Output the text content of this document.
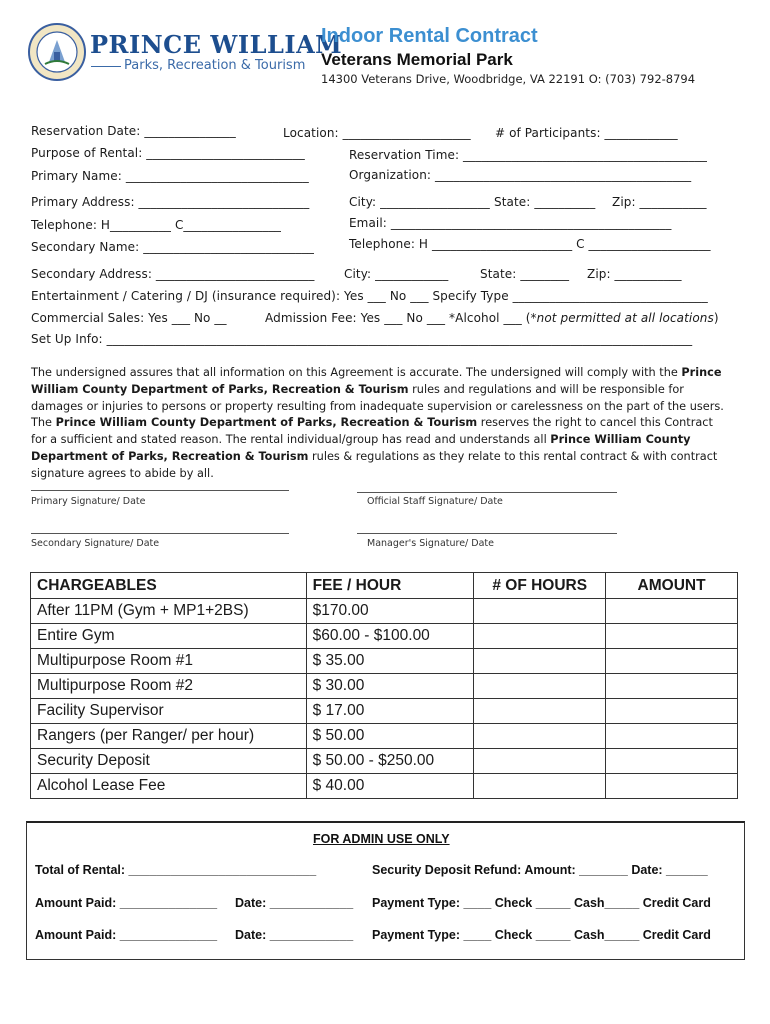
PRINCE WILLIAM
Parks, Recreation & Tourism
Indoor Rental Contract
Veterans Memorial Park
14300 Veterans Drive, Woodbridge, VA 22191 O: (703) 792-8794
Reservation Date: _______________	Location: _____________________ # of Participants: ____________
Purpose of Rental: __________________________	Reservation Time: ________________________________________
Primary Name: ______________________________	Organization: __________________________________________
Primary Address: ____________________________	City: __________________ State: __________ Zip: ___________
Telephone: H__________ C________________	Email: ______________________________________________
Secondary Name: ____________________________	Telephone: H _______________________ C ____________________
Secondary Address: __________________________ City: ____________	State: ________ Zip: ___________
Entertainment / Catering / DJ (insurance required): Yes ___ No ___ Specify Type ________________________________
Commercial Sales: Yes ___ No __	Admission Fee: Yes ___ No ___ *Alcohol ___ (*not permitted at all locations)
Set Up Info: ________________________________________________________________________________________________
The undersigned assures that all information on this Agreement is accurate. The undersigned will comply with the Prince William County Department of Parks, Recreation & Tourism rules and regulations and will be responsible for damages or injuries to persons or property resulting from inadequate supervision or carelessness on the part of the users. The Prince William County Department of Parks, Recreation & Tourism reserves the right to cancel this Contract for a sufficient and stated reason. The rental individual/group has read and understands all Prince William County Department of Parks, Recreation & Tourism rules & regulations as they relate to this rental contract & with contract signature agrees to abide by all.
Primary Signature/ Date	Official Staff Signature/ Date
Secondary Signature/ Date	Manager's Signature/ Date
CHARGEABLES	FEE / HOUR	# OF HOURS	AMOUNT
After 11PM (Gym + MP1+2BS)	$170.00		
Entire Gym	$60.00 - $100.00		
Multipurpose Room #1	$ 35.00		
Multipurpose Room #2	$ 30.00		
Facility Supervisor	$ 17.00		
Rangers (per Ranger/ per hour)	$ 50.00		
Security Deposit	$ 50.00 - $250.00		
Alcohol Lease Fee	$ 40.00		
FOR ADMIN USE ONLY
Total of Rental: ___________________________	Security Deposit Refund: Amount: _______ Date: ______
Amount Paid: ______________ Date: ____________ Payment Type: ____ Check _____ Cash_____ Credit Card
Amount Paid: ______________ Date: ____________ Payment Type: ____ Check _____ Cash_____ Credit Card
